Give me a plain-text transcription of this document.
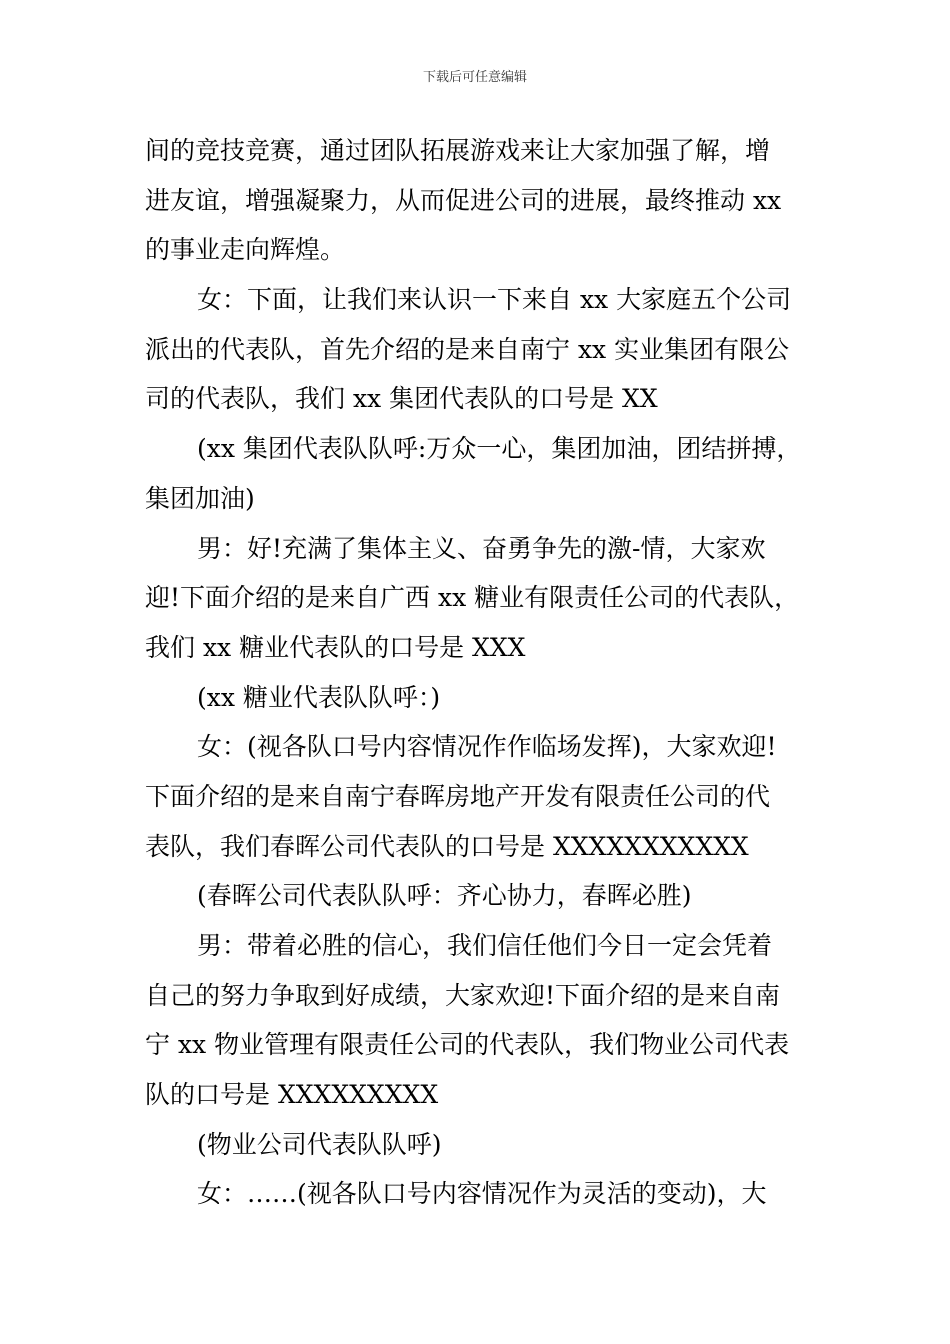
下载后可任意编辑
间的竞技竞赛，通过团队拓展游戏来让大家加强了解，增
进友谊，增强凝聚力，从而促进公司的进展，最终推动 xx
的事业走向辉煌。
女：下面，让我们来认识一下来自 xx 大家庭五个公司
派出的代表队，首先介绍的是来自南宁 xx 实业集团有限公
司的代表队，我们 xx 集团代表队的口号是 XX
(xx 集团代表队队呼:万众一心，集团加油，团结拼搏，
集团加油)
男：好!充满了集体主义、奋勇争先的激-情，大家欢
迎!下面介绍的是来自广西 xx 糖业有限责任公司的代表队，
我们 xx 糖业代表队的口号是 XXX
(xx 糖业代表队队呼：)
女：(视各队口号内容情况作作临场发挥)，大家欢迎!
下面介绍的是来自南宁春晖房地产开发有限责任公司的代
表队，我们春晖公司代表队的口号是 XXXXXXXXXXX
(春晖公司代表队队呼：齐心协力，春晖必胜)
男：带着必胜的信心，我们信任他们今日一定会凭着
自己的努力争取到好成绩，大家欢迎!下面介绍的是来自南
宁 xx 物业管理有限责任公司的代表队，我们物业公司代表
队的口号是 XXXXXXXXX
(物业公司代表队队呼)
女：……(视各队口号内容情况作为灵活的变动)，大
